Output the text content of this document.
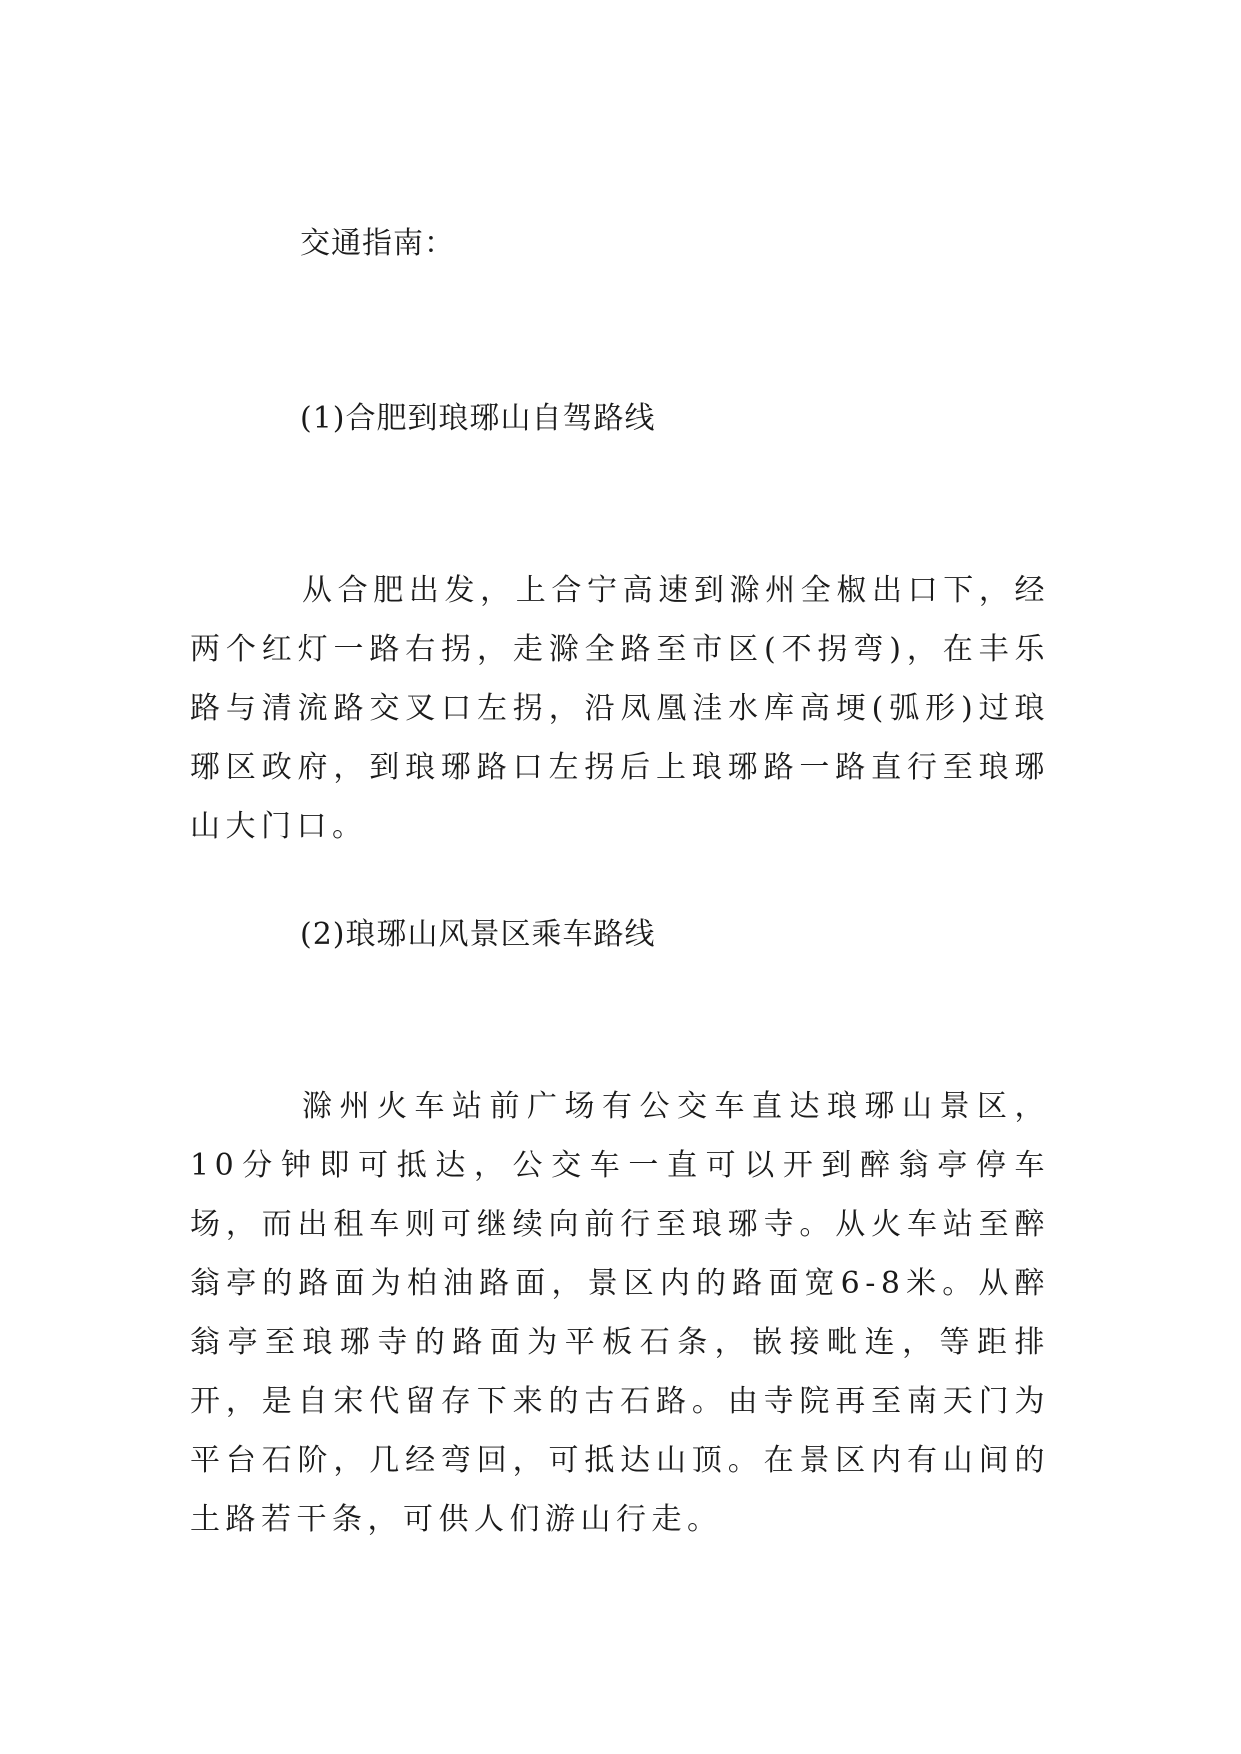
交通指南：
(1)合肥到琅琊山自驾路线
从合肥出发，上合宁高速到滁州全椒出口下，经两个红灯一路右拐，走滁全路至市区(不拐弯)，在丰乐路与清流路交叉口左拐，沿凤凰洼水库高埂(弧形)过琅琊区政府，到琅琊路口左拐后上琅琊路一路直行至琅琊山大门口。
(2)琅琊山风景区乘车路线
滁州火车站前广场有公交车直达琅琊山景区，10分钟即可抵达，公交车一直可以开到醉翁亭停车场，而出租车则可继续向前行至琅琊寺。从火车站至醉翁亭的路面为柏油路面，景区内的路面宽6-8米。从醉翁亭至琅琊寺的路面为平板石条，嵌接毗连，等距排开，是自宋代留存下来的古石路。由寺院再至南天门为平台石阶，几经弯回，可抵达山顶。在景区内有山间的土路若干条，可供人们游山行走。
